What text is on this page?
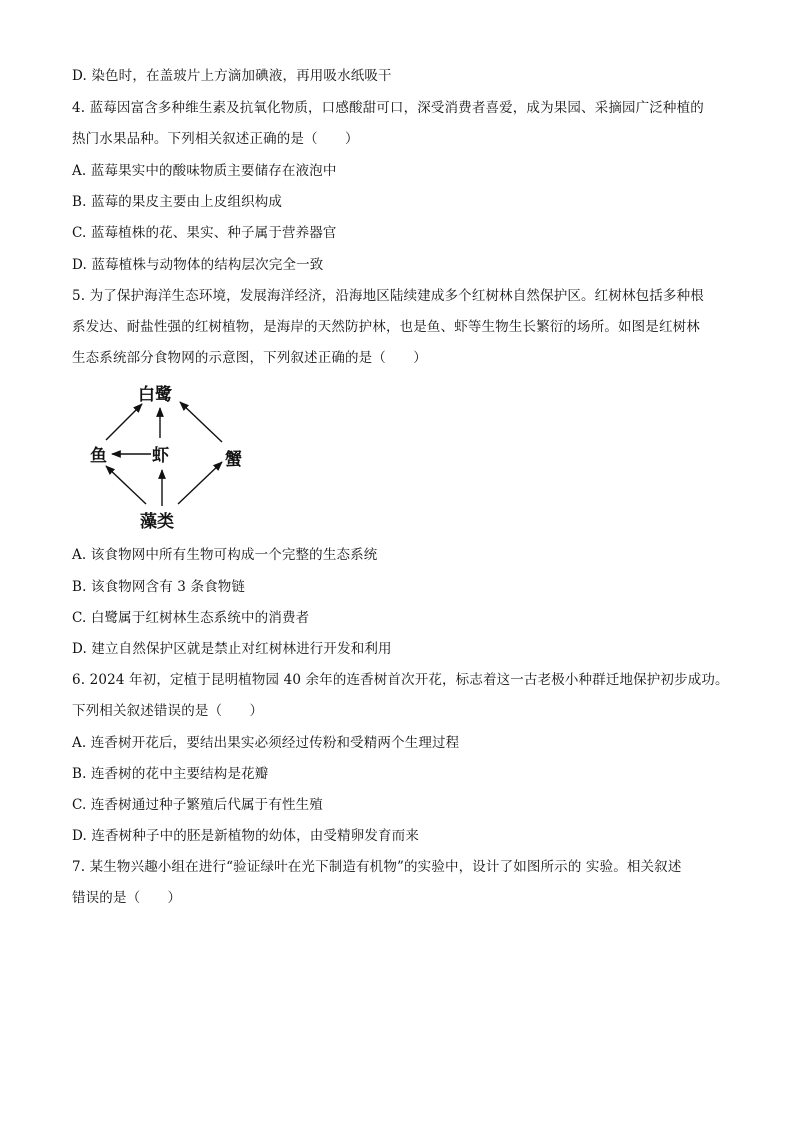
D. 染色时，在盖玻片上方滴加碘液，再用吸水纸吸干
4. 蓝莓因富含多种维生素及抗氧化物质，口感酸甜可口，深受消费者喜爱，成为果园、采摘园广泛种植的
热门水果品种。下列相关叙述正确的是（　　）
A. 蓝莓果实中的酸味物质主要储存在液泡中
B. 蓝莓的果皮主要由上皮组织构成
C. 蓝莓植株的花、果实、种子属于营养器官
D. 蓝莓植株与动物体的结构层次完全一致
5. 为了保护海洋生态环境，发展海洋经济，沿海地区陆续建成多个红树林自然保护区。红树林包括多种根
系发达、耐盐性强的红树植物，是海岸的天然防护林，也是鱼、虾等生物生长繁衍的场所。如图是红树林
生态系统部分食物网的示意图，下列叙述正确的是（　　）
白鹭
鱼	虾	蟹
藻类
A. 该食物网中所有生物可构成一个完整的生态系统
B. 该食物网含有 3 条食物链
C. 白鹭属于红树林生态系统中的消费者
D. 建立自然保护区就是禁止对红树林进行开发和利用
6. 2024 年初，定植于昆明植物园 40 余年的连香树首次开花，标志着这一古老极小种群迁地保护初步成功。
下列相关叙述错误的是（　　）
A. 连香树开花后，要结出果实必须经过传粉和受精两个生理过程
B. 连香树的花中主要结构是花瓣
C. 连香树通过种子繁殖后代属于有性生殖
D. 连香树种子中的胚是新植物的幼体，由受精卵发育而来
7. 某生物兴趣小组在进行“验证绿叶在光下制造有机物”的实验中，设计了如图所示的 实验。相关叙述
错误的是（　　）
